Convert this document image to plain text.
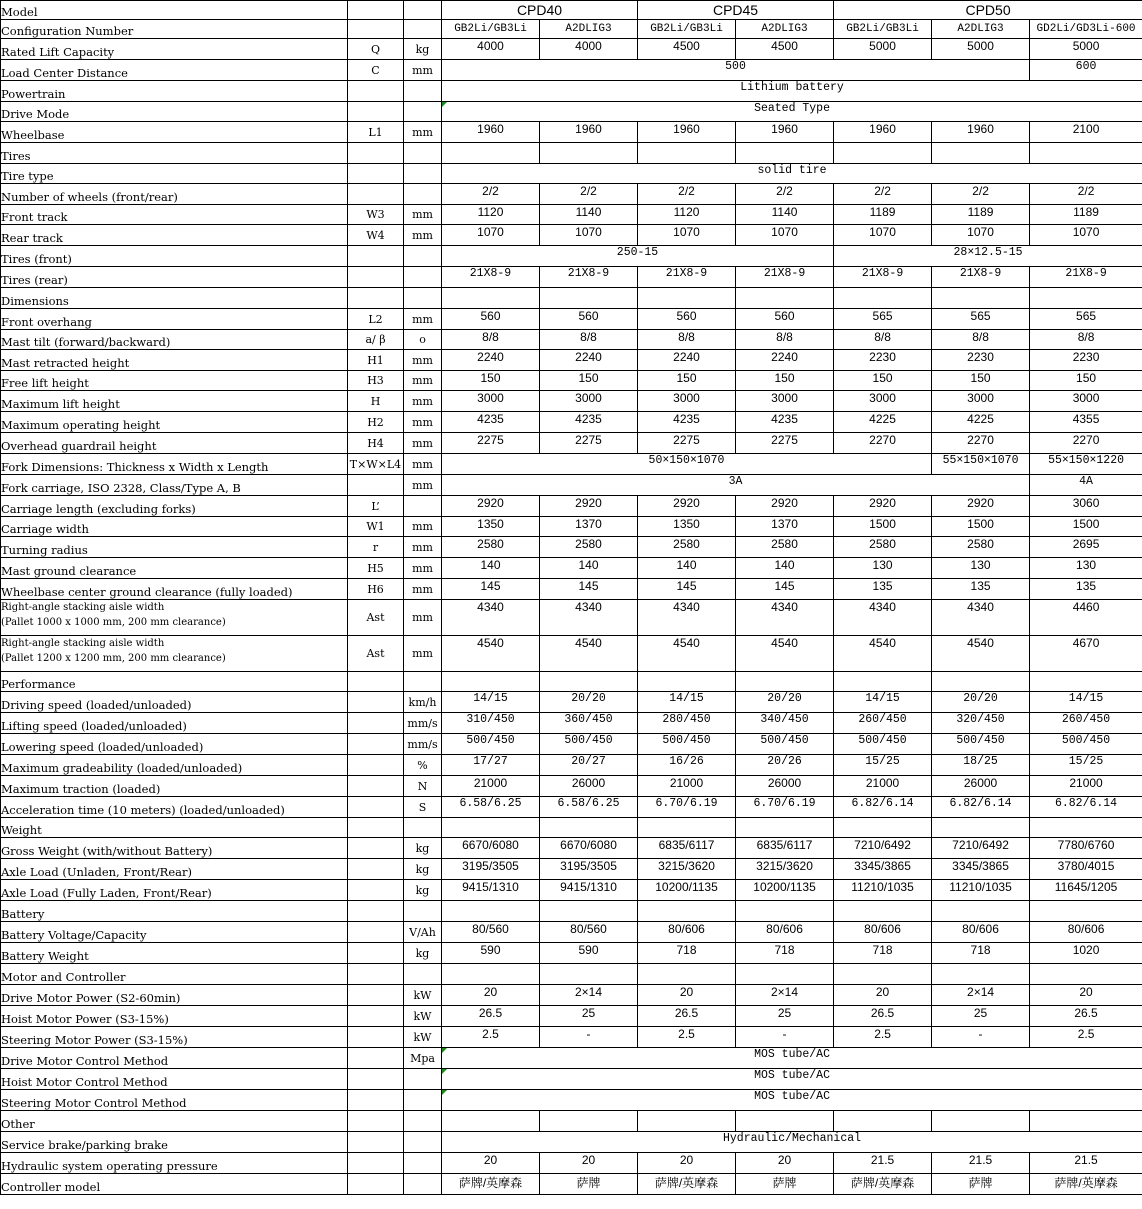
Model			CPD40		CPD45		CPD50		
Configuration Number			GB2Li/GB3Li	A2DLIG3	GB2Li/GB3Li	A2DLIG3	GB2Li/GB3Li	A2DLIG3	GD2Li/GD3Li-600
Rated Lift Capacity	Q	kg	4000	4000	4500	4500	5000	5000	5000
Load Center Distance	C	mm	500						600
Powertrain			Lithium battery						
Drive Mode			Seated Type						
Wheelbase	L1	mm	1960	1960	1960	1960	1960	1960	2100
Tires									
Tire type			solid tire						
Number of wheels (front/rear)			2/2	2/2	2/2	2/2	2/2	2/2	2/2
Front track	W3	mm	1120	1140	1120	1140	1189	1189	1189
Rear track	W4	mm	1070	1070	1070	1070	1070	1070	1070
Tires (front)			250-15				28×12.5-15		
Tires (rear)			21X8-9	21X8-9	21X8-9	21X8-9	21X8-9	21X8-9	21X8-9
Dimensions									
Front overhang	L2	mm	560	560	560	560	565	565	565
Mast tilt (forward/backward)	a/ β	o	8/8	8/8	8/8	8/8	8/8	8/8	8/8
Mast retracted height	H1	mm	2240	2240	2240	2240	2230	2230	2230
Free lift height	H3	mm	150	150	150	150	150	150	150
Maximum lift height	H	mm	3000	3000	3000	3000	3000	3000	3000
Maximum operating height	H2	mm	4235	4235	4235	4235	4225	4225	4355
Overhead guardrail height	H4	mm	2275	2275	2275	2275	2270	2270	2270
Fork Dimensions: Thickness x Width x Length	T×W×L4	mm	50×150×1070					55×150×1070	55×150×1220
Fork carriage, ISO 2328, Class/Type A, B		mm	3A						4A
Carriage length (excluding forks)	L’		2920	2920	2920	2920	2920	2920	3060
Carriage width	W1	mm	1350	1370	1350	1370	1500	1500	1500
Turning radius	r	mm	2580	2580	2580	2580	2580	2580	2695
Mast ground clearance	H5	mm	140	140	140	140	130	130	130
Wheelbase center ground clearance (fully loaded)	H6	mm	145	145	145	145	135	135	135
Right-angle stacking aisle width
(Pallet 1000 x 1000 mm, 200 mm clearance)	Ast	mm	4340	4340	4340	4340	4340	4340	4460
Right-angle stacking aisle width
(Pallet 1200 x 1200 mm, 200 mm clearance)	Ast	mm	4540	4540	4540	4540	4540	4540	4670
Performance									
Driving speed (loaded/unloaded)		km/h	14/15	20/20	14/15	20/20	14/15	20/20	14/15
Lifting speed (loaded/unloaded)		mm/s	310/450	360/450	280/450	340/450	260/450	320/450	260/450
Lowering speed (loaded/unloaded)		mm/s	500/450	500/450	500/450	500/450	500/450	500/450	500/450
Maximum gradeability (loaded/unloaded)		%	17/27	20/27	16/26	20/26	15/25	18/25	15/25
Maximum traction (loaded)		N	21000	26000	21000	26000	21000	26000	21000
Acceleration time (10 meters) (loaded/unloaded)		S	6.58/6.25	6.58/6.25	6.70/6.19	6.70/6.19	6.82/6.14	6.82/6.14	6.82/6.14
Weight									
Gross Weight (with/without Battery)		kg	6670/6080	6670/6080	6835/6117	6835/6117	7210/6492	7210/6492	7780/6760
Axle Load (Unladen, Front/Rear)		kg	3195/3505	3195/3505	3215/3620	3215/3620	3345/3865	3345/3865	3780/4015
Axle Load (Fully Laden, Front/Rear)		kg	9415/1310	9415/1310	10200/1135	10200/1135	11210/1035	11210/1035	11645/1205
Battery									
Battery Voltage/Capacity		V/Ah	80/560	80/560	80/606	80/606	80/606	80/606	80/606
Battery Weight		kg	590	590	718	718	718	718	1020
Motor and Controller									
Drive Motor Power (S2-60min)		kW	20	2×14	20	2×14	20	2×14	20
Hoist Motor Power (S3-15%)		kW	26.5	25	26.5	25	26.5	25	26.5
Steering Motor Power (S3-15%)		kW	2.5	-	2.5	-	2.5	-	2.5
Drive Motor Control Method		Mpa	MOS tube/AC						
Hoist Motor Control Method			MOS tube/AC						
Steering Motor Control Method			MOS tube/AC						
Other									
Service brake/parking brake			Hydraulic/Mechanical						
Hydraulic system operating pressure			20	20	20	20	21.5	21.5	21.5
Controller model			萨牌/英摩森	萨牌	萨牌/英摩森	萨牌	萨牌/英摩森	萨牌	萨牌/英摩森
